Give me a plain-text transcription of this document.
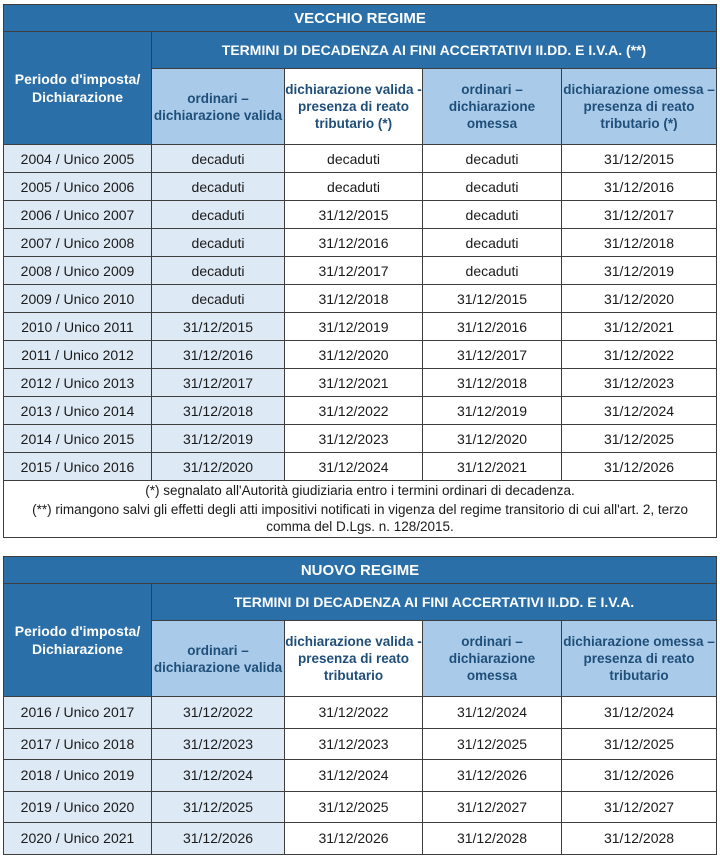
VECCHIO REGIME				
Periodo d'imposta/ Dichiarazione	TERMINI DI DECADENZA AI FINI ACCERTATIVI II.DD. E I.V.A. (**)			
	ordinari – dichiarazione valida	dichiarazione valida - presenza di reato tributario (*)	ordinari – dichiarazione omessa	dichiarazione omessa – presenza di reato tributario (*)
2004 / Unico 2005	decaduti	decaduti	decaduti	31/12/2015
2005 / Unico 2006	decaduti	decaduti	decaduti	31/12/2016
2006 / Unico 2007	decaduti	31/12/2015	decaduti	31/12/2017
2007 / Unico 2008	decaduti	31/12/2016	decaduti	31/12/2018
2008 / Unico 2009	decaduti	31/12/2017	decaduti	31/12/2019
2009 / Unico 2010	decaduti	31/12/2018	31/12/2015	31/12/2020
2010 / Unico 2011	31/12/2015	31/12/2019	31/12/2016	31/12/2021
2011 / Unico 2012	31/12/2016	31/12/2020	31/12/2017	31/12/2022
2012 / Unico 2013	31/12/2017	31/12/2021	31/12/2018	31/12/2023
2013 / Unico 2014	31/12/2018	31/12/2022	31/12/2019	31/12/2024
2014 / Unico 2015	31/12/2019	31/12/2023	31/12/2020	31/12/2025
2015 / Unico 2016	31/12/2020	31/12/2024	31/12/2021	31/12/2026
(*) segnalato all'Autorità giudiziaria entro i termini ordinari di decadenza.				
(**) rimangono salvi gli effetti degli atti impositivi notificati in vigenza del regime transitorio di cui all'art. 2, terzo comma del D.Lgs. n. 128/2015.				
NUOVO REGIME				
Periodo d'imposta/ Dichiarazione	TERMINI DI DECADENZA AI FINI ACCERTATIVI II.DD. E I.V.A.			
	ordinari – dichiarazione valida	dichiarazione valida - presenza di reato tributario	ordinari – dichiarazione omessa	dichiarazione omessa – presenza di reato tributario
2016 / Unico 2017	31/12/2022	31/12/2022	31/12/2024	31/12/2024
2017 / Unico 2018	31/12/2023	31/12/2023	31/12/2025	31/12/2025
2018 / Unico 2019	31/12/2024	31/12/2024	31/12/2026	31/12/2026
2019 / Unico 2020	31/12/2025	31/12/2025	31/12/2027	31/12/2027
2020 / Unico 2021	31/12/2026	31/12/2026	31/12/2028	31/12/2028
